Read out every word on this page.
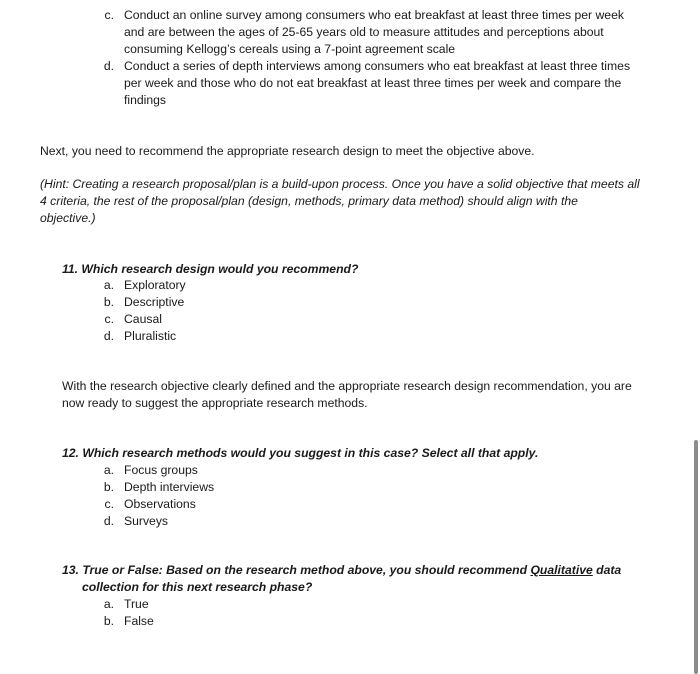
c. Conduct an online survey among consumers who eat breakfast at least three times per week
and are between the ages of 25-65 years old to measure attitudes and perceptions about
consuming Kellogg’s cereals using a 7-point agreement scale
d. Conduct a series of depth interviews among consumers who eat breakfast at least three times
per week and those who do not eat breakfast at least three times per week and compare the
findings
Next, you need to recommend the appropriate research design to meet the objective above.
(Hint: Creating a research proposal/plan is a build-upon process. Once you have a solid objective that meets all
4 criteria, the rest of the proposal/plan (design, methods, primary data method) should align with the
objective.)
11. Which research design would you recommend?
a. Exploratory
b. Descriptive
c. Causal
d. Pluralistic
With the research objective clearly defined and the appropriate research design recommendation, you are
now ready to suggest the appropriate research methods.
12. Which research methods would you suggest in this case? Select all that apply.
a. Focus groups
b. Depth interviews
c. Observations
d. Surveys
13. True or False: Based on the research method above, you should recommend Qualitative data
collection for this next research phase?
a. True
b. False
